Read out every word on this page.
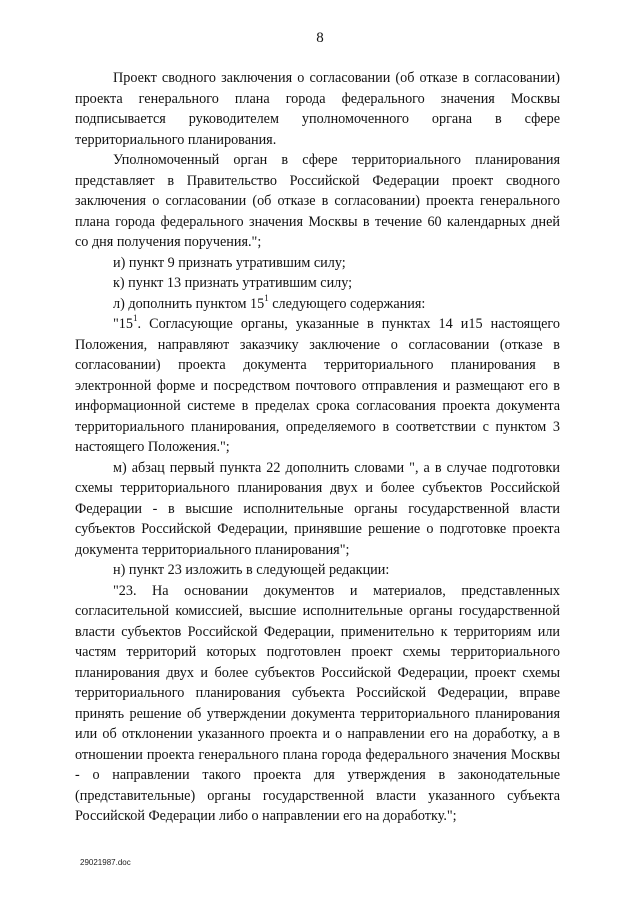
8

Проект сводного заключения о согласовании (об отказе в согласовании) проекта генерального плана города федерального значения Москвы подписывается руководителем уполномоченного органа в сфере территориального планирования.

Уполномоченный орган в сфере территориального планирования представляет в Правительство Российской Федерации проект сводного заключения о согласовании (об отказе в согласовании) проекта генерального плана города федерального значения Москвы в течение 60 календарных дней со дня получения поручения.";

и) пункт 9 признать утратившим силу;

к) пункт 13 признать утратившим силу;

л) дополнить пунктом $15^1$ следующего содержания:

"$15^1$. Согласующие органы, указанные в пунктах 14 и15 настоящего Положения, направляют заказчику заключение о согласовании (отказе в согласовании) проекта документа территориального планирования в электронной форме и посредством почтового отправления и размещают его в информационной системе в пределах срока согласования проекта документа территориального планирования, определяемого в соответствии с пунктом 3 настоящего Положения.";

м) абзац первый пункта 22 дополнить словами ", а в случае подготовки схемы территориального планирования двух и более субъектов Российской Федерации - в высшие исполнительные органы государственной власти субъектов Российской Федерации, принявшие решение о подготовке проекта документа территориального планирования";

н) пункт 23 изложить в следующей редакции:

"23. На основании документов и материалов, представленных согласительной комиссией, высшие исполнительные органы государственной власти субъектов Российской Федерации, применительно к территориям или частям территорий которых подготовлен проект схемы территориального планирования двух и более субъектов Российской Федерации, проект схемы территориального планирования субъекта Российской Федерации, вправе принять решение об утверждении документа территориального планирования или об отклонении указанного проекта и о направлении его на доработку, а в отношении проекта генерального плана города федерального значения Москвы - о направлении такого проекта для утверждения в законодательные (представительные) органы государственной власти указанного субъекта Российской Федерации либо о направлении его на доработку.";

29021987.doc
